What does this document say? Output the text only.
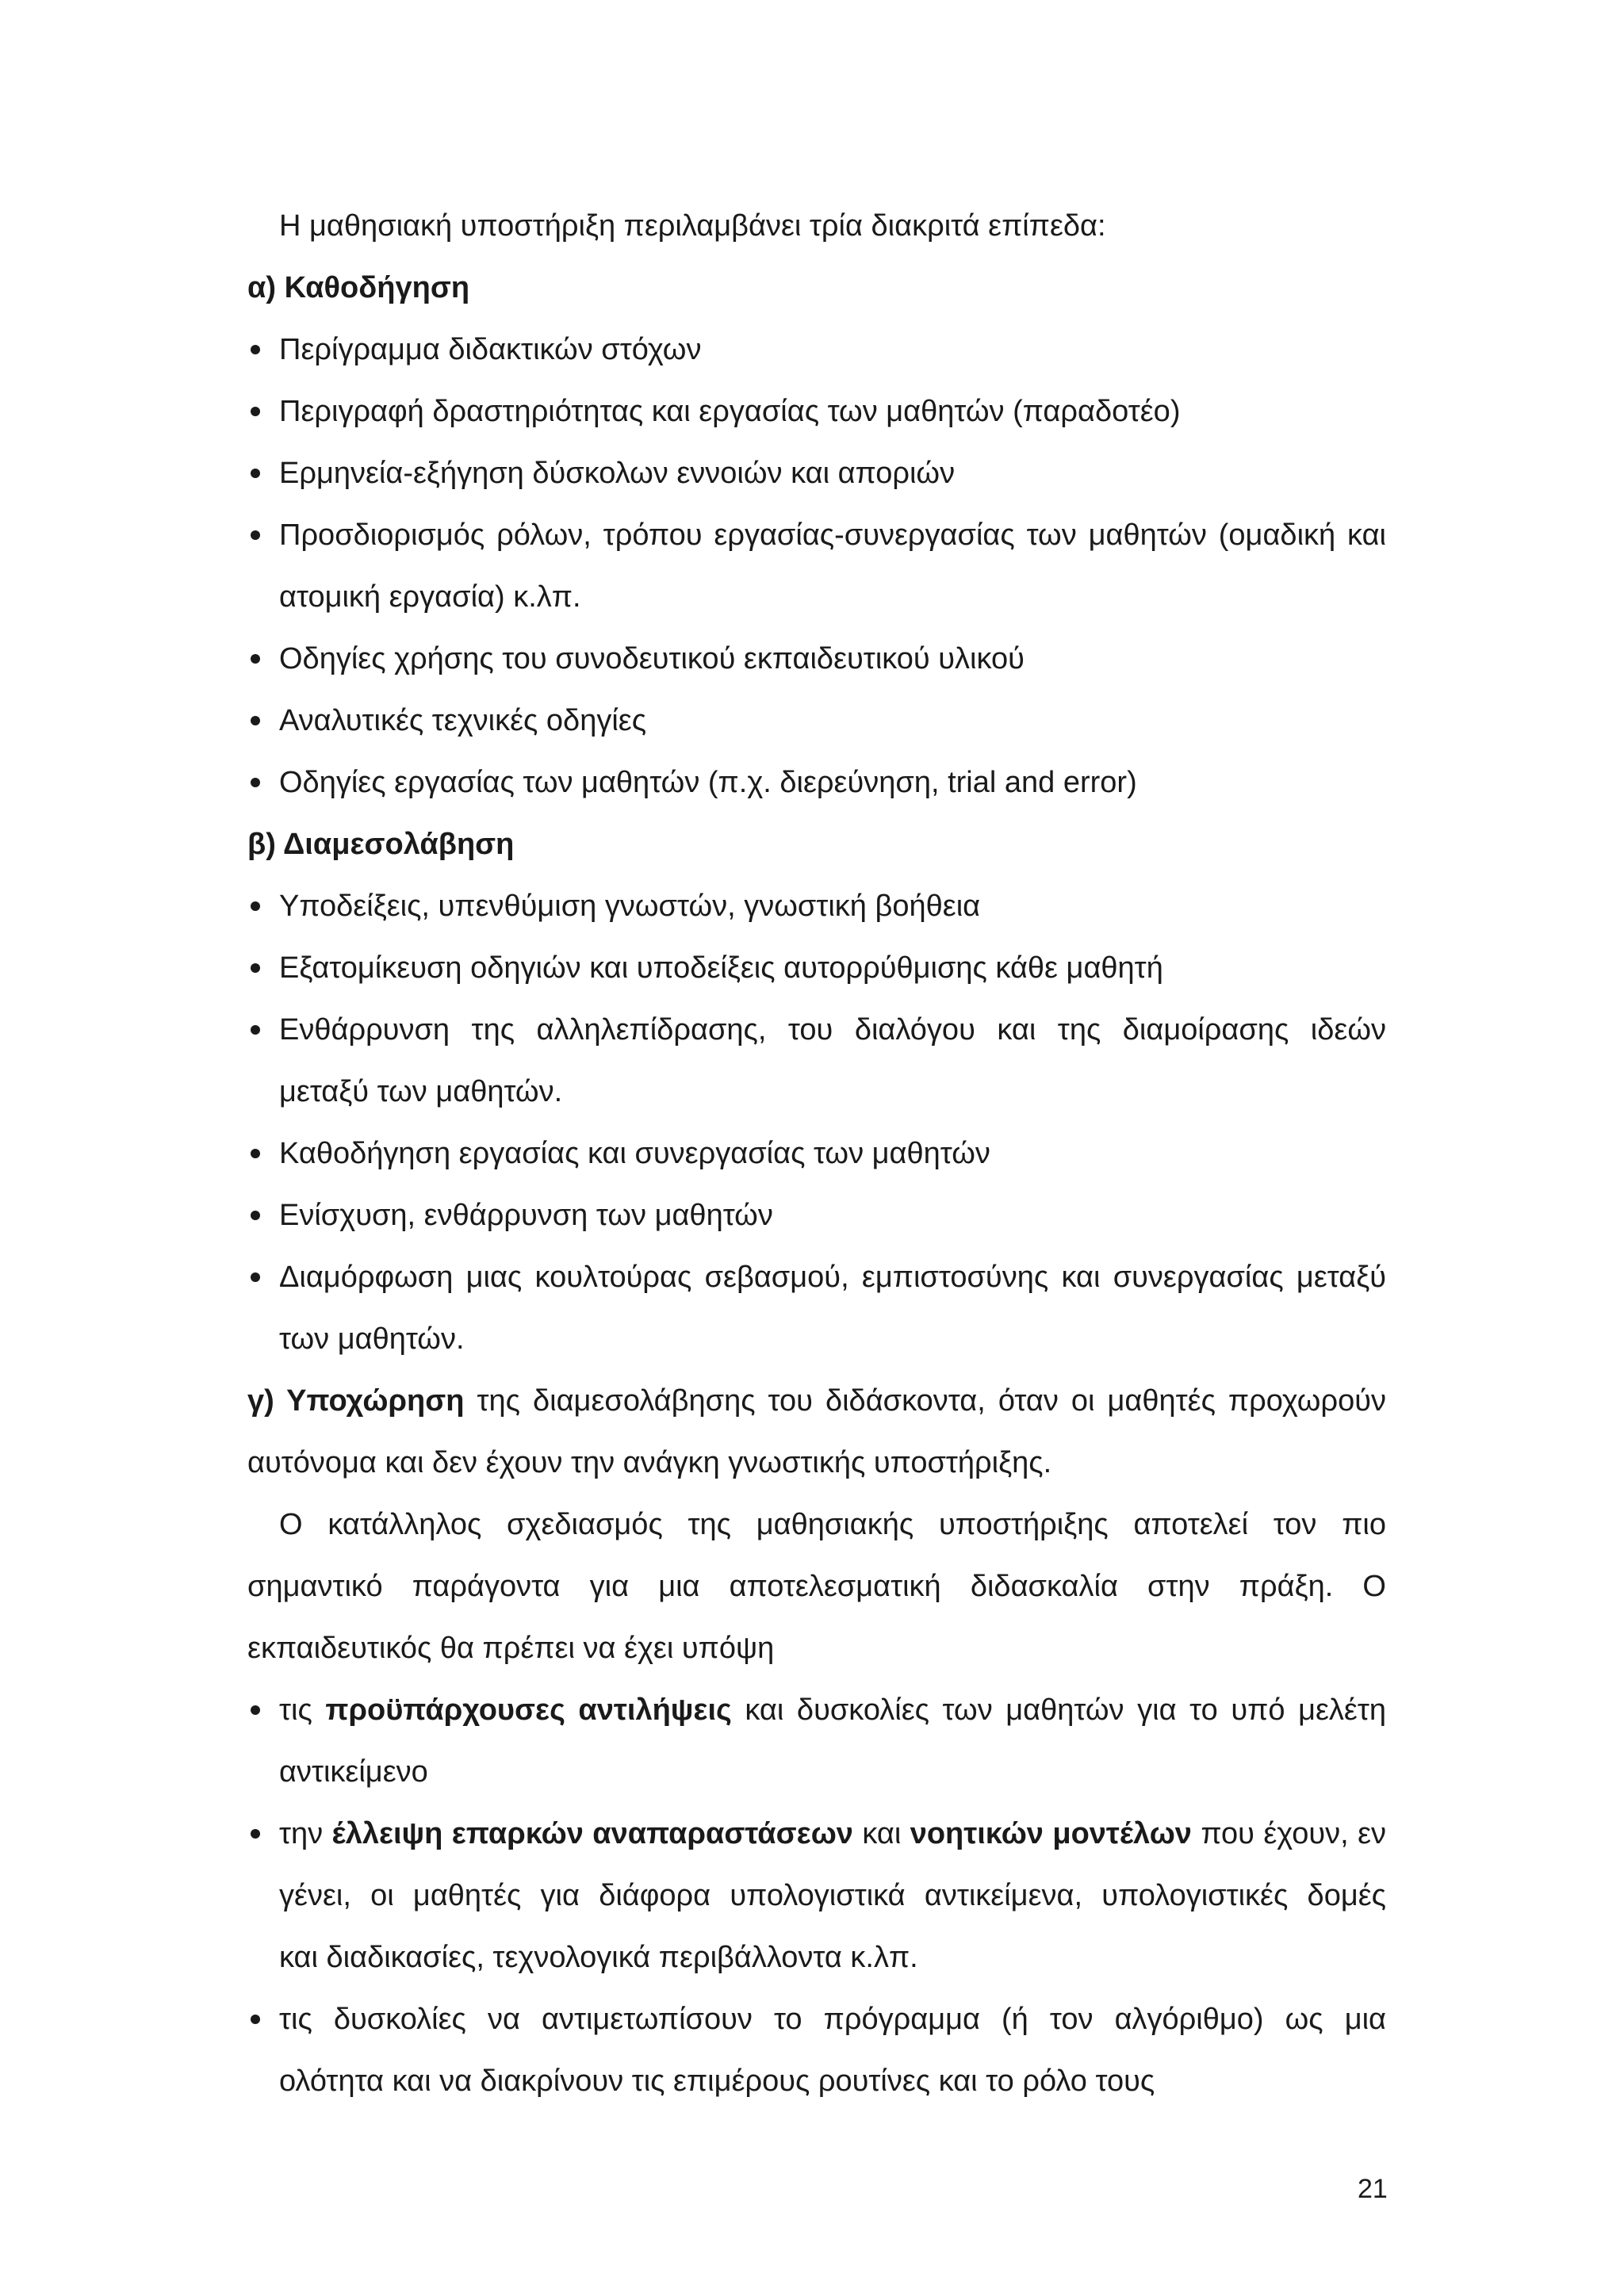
Η μαθησιακή υποστήριξη περιλαμβάνει τρία διακριτά επίπεδα:
α) Καθοδήγηση
Περίγραμμα διδακτικών στόχων
Περιγραφή δραστηριότητας και εργασίας των μαθητών (παραδοτέο)
Ερμηνεία-εξήγηση δύσκολων εννοιών και αποριών
Προσδιορισμός ρόλων, τρόπου εργασίας-συνεργασίας των μαθητών (ομαδική και
ατομική εργασία) κ.λπ.
Οδηγίες χρήσης του συνοδευτικού εκπαιδευτικού υλικού
Αναλυτικές τεχνικές οδηγίες
Οδηγίες εργασίας των μαθητών (π.χ. διερεύνηση, trial and error)
β) Διαμεσολάβηση
Υποδείξεις, υπενθύμιση γνωστών, γνωστική βοήθεια
Εξατομίκευση οδηγιών και υποδείξεις αυτορρύθμισης κάθε μαθητή
Ενθάρρυνση της αλληλεπίδρασης, του διαλόγου και της διαμοίρασης ιδεών
μεταξύ των μαθητών.
Καθοδήγηση εργασίας και συνεργασίας των μαθητών
Ενίσχυση, ενθάρρυνση των μαθητών
Διαμόρφωση μιας κουλτούρας σεβασμού, εμπιστοσύνης και συνεργασίας μεταξύ
των μαθητών.
γ) Υποχώρηση της διαμεσολάβησης του διδάσκοντα, όταν οι μαθητές προχωρούν
αυτόνομα και δεν έχουν την ανάγκη γνωστικής υποστήριξης.
Ο κατάλληλος σχεδιασμός της μαθησιακής υποστήριξης αποτελεί τον πιο
σημαντικό παράγοντα για μια αποτελεσματική διδασκαλία στην πράξη. Ο
εκπαιδευτικός θα πρέπει να έχει υπόψη
τις προϋπάρχουσες αντιλήψεις και δυσκολίες των μαθητών για το υπό μελέτη
αντικείμενο
την έλλειψη επαρκών αναπαραστάσεων και νοητικών μοντέλων που έχουν, εν
γένει, οι μαθητές για διάφορα υπολογιστικά αντικείμενα, υπολογιστικές δομές
και διαδικασίες, τεχνολογικά περιβάλλοντα κ.λπ.
τις δυσκολίες να αντιμετωπίσουν το πρόγραμμα (ή τον αλγόριθμο) ως μια
ολότητα και να διακρίνουν τις επιμέρους ρουτίνες και το ρόλο τους
21
